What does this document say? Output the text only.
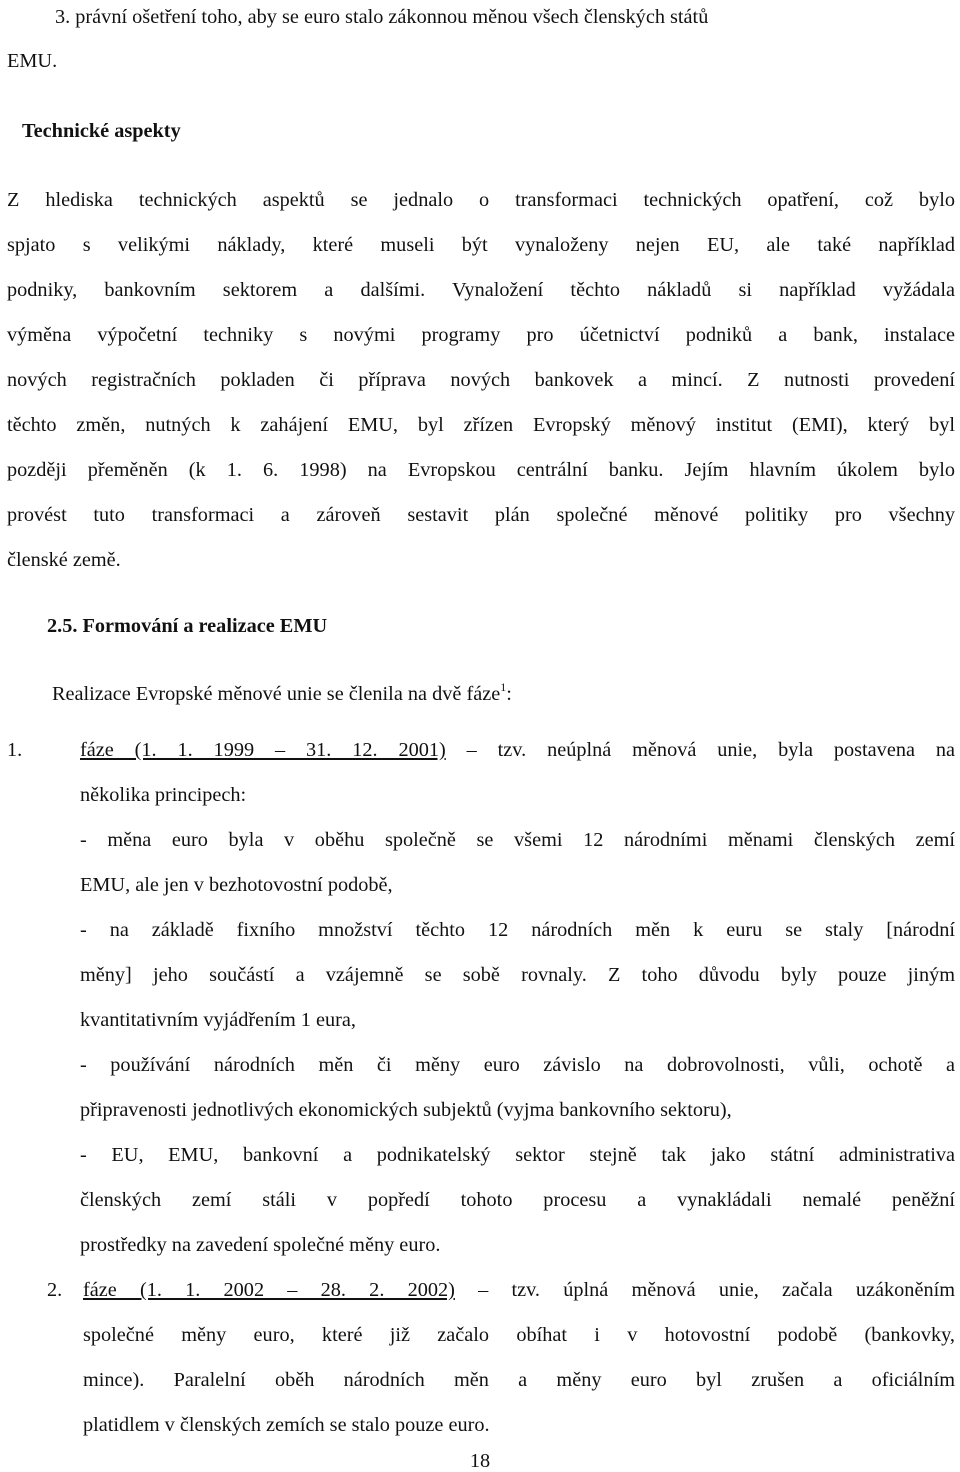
3. právní ošetření toho, aby se euro stalo zákonnou měnou všech členských států
EMU.
Technické aspekty
Z hlediska technických aspektů se jednalo o transformaci technických opatření, což bylo
spjato s velikými náklady, které museli být vynaloženy nejen EU, ale také například
podniky, bankovním sektorem a dalšími. Vynaložení těchto nákladů si například vyžádala
výměna výpočetní techniky s novými programy pro účetnictví podniků a bank, instalace
nových registračních pokladen či příprava nových bankovek a mincí. Z nutnosti provedení
těchto změn, nutných k zahájení EMU, byl zřízen Evropský měnový institut (EMI), který byl
později přeměněn (k 1. 6. 1998) na Evropskou centrální banku. Jejím hlavním úkolem bylo
provést tuto transformaci a zároveň sestavit plán společné měnové politiky pro všechny
členské země.
2.5. Formování a realizace EMU
Realizace Evropské měnové unie se členila na dvě fáze$^1$:
1.	fáze (1. 1. 1999 – 31. 12. 2001) – tzv. neúplná měnová unie, byla postavena na
několika principech:
- měna euro byla v oběhu společně se všemi 12 národními měnami členských zemí
EMU, ale jen v bezhotovostní podobě,
- na základě fixního množství těchto 12 národních měn k euru se staly [národní
měny] jeho součástí a vzájemně se sobě rovnaly. Z toho důvodu byly pouze jiným
kvantitativním vyjádřením 1 eura,
- používání národních měn či měny euro závislo na dobrovolnosti, vůli, ochotě a
připravenosti jednotlivých ekonomických subjektů (vyjma bankovního sektoru),
- EU, EMU, bankovní a podnikatelský sektor stejně tak jako státní administrativa
členských zemí stáli v popředí tohoto procesu a vynakládali nemalé peněžní
prostředky na zavedení společné měny euro.
2. fáze (1. 1. 2002 – 28. 2. 2002) – tzv. úplná měnová unie, začala uzákoněním
společné měny euro, které již začalo obíhat i v hotovostní podobě (bankovky,
mince). Paralelní oběh národních měn a měny euro byl zrušen a oficiálním
platidlem v členských zemích se stalo pouze euro.
18
